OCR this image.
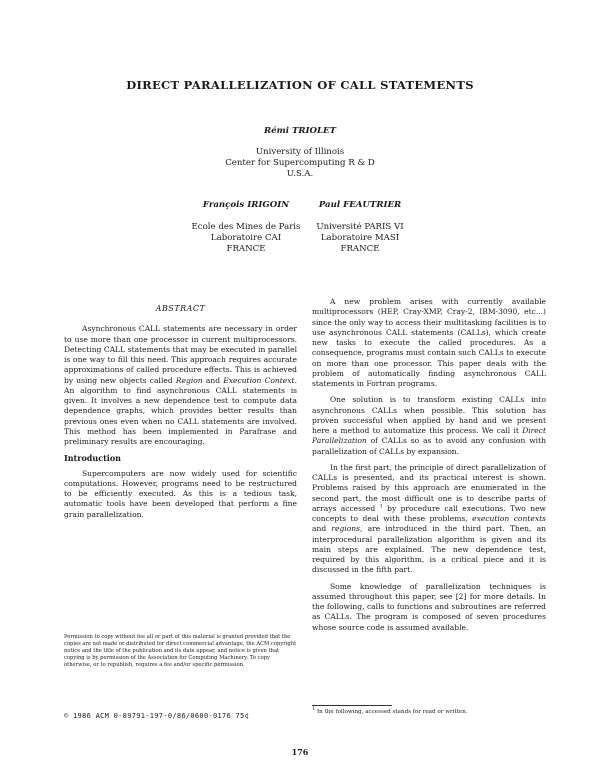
DIRECT PARALLELIZATION OF CALL STATEMENTS
Rémi TRIOLET
University of Illinois
Center for Supercomputing R & D
U.S.A.
François IRIGOIN
Ecole des Mines de Paris
Laboratoire CAI
FRANCE
Paul FEAUTRIER
Université PARIS VI
Laboratoire MASI
FRANCE
ABSTRACT

Asynchronous CALL statements are necessary in order to use more than one processor in current multiprocessors. Detecting CALL statements that may be executed in parallel is one way to fill this need. This approach requires accurate approximations of called procedure effects. This is achieved by using new objects called Region and Execution Context. An algorithm to find asynchronous CALL statements is given. It involves a new dependence test to compute data dependence graphs, which provides better results than previous ones even when no CALL statements are involved. This method has been implemented in Parafrase and preliminary results are encouraging.

Introduction

Supercomputers are now widely used for scientific computations. However, programs need to be restructured to be efficiently executed. As this is a tedious task, automatic tools have been developed that perform a fine grain parallelization.

Permission to copy without fee all or part of this material is granted provided that the copies are not made or distributed for direct commercial advantage, the ACM copyright notice and the title of the publication and its date appear, and notice is given that copying is by permission of the Association for Computing Machinery. To copy otherwise, or to republish, requires a fee and/or specific permission.
© 1986 ACM 0-89791-197-0/86/0600-0176 75¢

A new problem arises with currently available multiprocessors (HEP, Cray-XMP, Cray-2, IBM-3090, etc...) since the only way to access their multitasking facilities is to use asynchronous CALL statements (CALLs), which create new tasks to execute the called procedures. As a consequence, programs must contain such CALLs to execute on more than one processor. This paper deals with the problem of automatically finding asynchronous CALL statements in Fortran programs.

One solution is to transform existing CALLs into asynchronous CALLs when possible. This solution has proven successful when applied by hand and we present here a method to automatize this process. We call it Direct Parallelization of CALLs so as to avoid any confusion with parallelization of CALLs by expansion.

In the first part, the principle of direct parallelization of CALLs is presented, and its practical interest is shown. Problems raised by this approach are enumerated in the second part, the most difficult one is to describe parts of arrays accessed $^1$ by procedure call executions. Two new concepts to deal with these problems, execution contexts and regions, are introduced in the third part. Then, an interprocedural parallelization algorithm is given and its main steps are explained. The new dependence test, required by this algorithm, is a critical piece and it is discussed in the fifth part.

Some knowledge of parallelization techniques is assumed throughout this paper, see [2] for more details. In the following, calls to functions and subroutines are referred as CALLs. The program is composed of seven procedures whose source code is assumed available.

$^1$ In the following, accessed stands for read or written.
176
